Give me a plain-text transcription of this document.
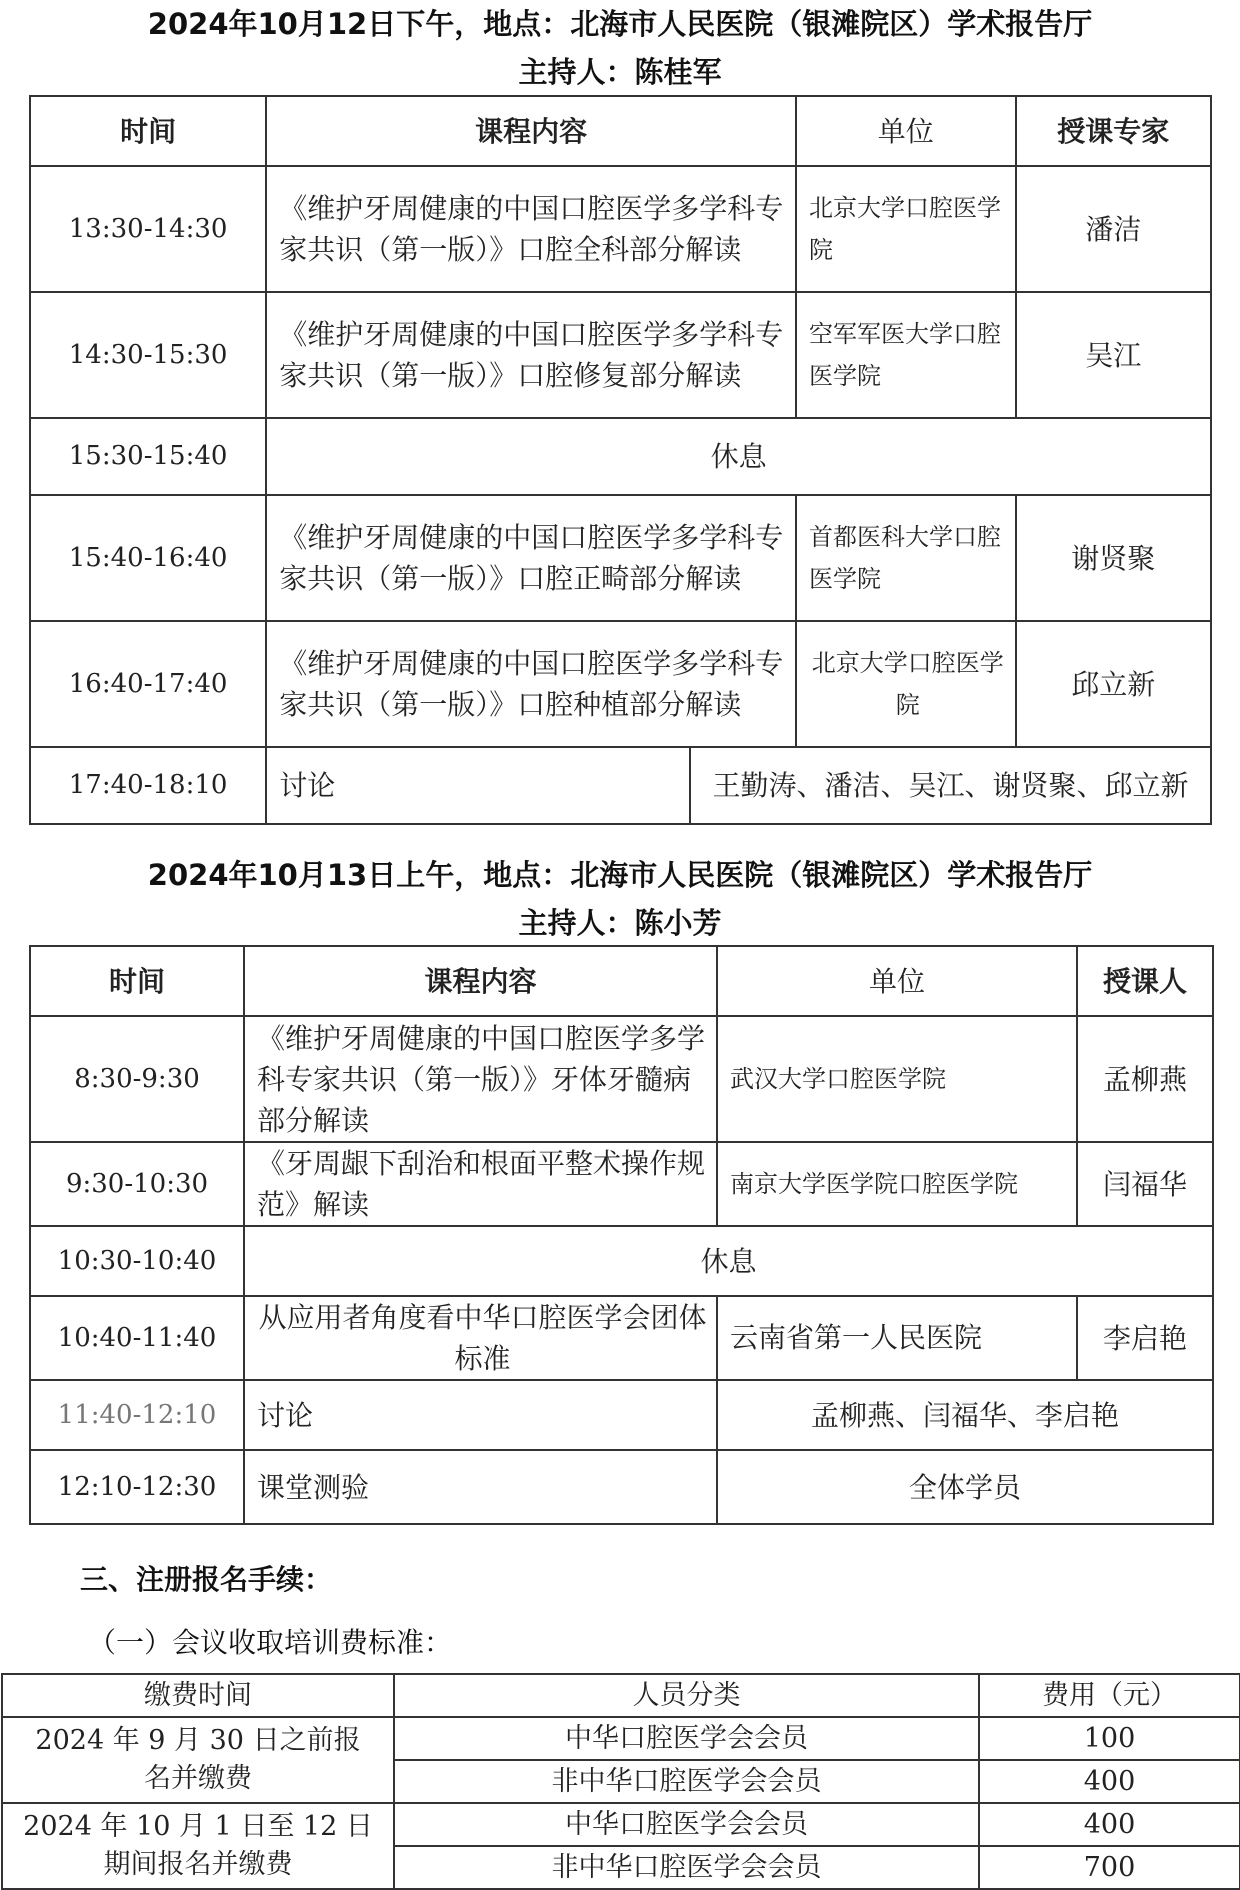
2024年10月12日下午，地点：北海市人民医院（银滩院区）学术报告厅
主持人：陈桂军
时间	课程内容		单位	授课专家
13:30-14:30	《维护牙周健康的中国口腔医学多学科专家共识（第一版）》口腔全科部分解读		北京大学口腔医学院	潘洁
14:30-15:30	《维护牙周健康的中国口腔医学多学科专家共识（第一版）》口腔修复部分解读		空军军医大学口腔医学院	吴江
15:30-15:40	休息			
15:40-16:40	《维护牙周健康的中国口腔医学多学科专家共识（第一版）》口腔正畸部分解读		首都医科大学口腔医学院	谢贤聚
16:40-17:40	《维护牙周健康的中国口腔医学多学科专家共识（第一版）》口腔种植部分解读		北京大学口腔医学院	邱立新
17:40-18:10	讨论	王勤涛、潘洁、吴江、谢贤聚、邱立新		
2024年10月13日上午，地点：北海市人民医院（银滩院区）学术报告厅
主持人：陈小芳
时间	课程内容	单位	授课人
8:30-9:30	《维护牙周健康的中国口腔医学多学科专家共识（第一版）》牙体牙髓病部分解读	武汉大学口腔医学院	孟柳燕
9:30-10:30	《牙周龈下刮治和根面平整术操作规范》解读	南京大学医学院口腔医学院	闫福华
10:30-10:40	休息		
10:40-11:40	从应用者角度看中华口腔医学会团体标准	云南省第一人民医院	李启艳
11:40-12:10	讨论	孟柳燕、闫福华、李启艳	
12:10-12:30	课堂测验	全体学员	
三、注册报名手续：
（一）会议收取培训费标准：
缴费时间	人员分类	费用（元）
2024 年 9 月 30 日之前报名并缴费	中华口腔医学会会员	100
	非中华口腔医学会会员	400
2024 年 10 月 1 日至 12 日期间报名并缴费	中华口腔医学会会员	400
	非中华口腔医学会会员	700
